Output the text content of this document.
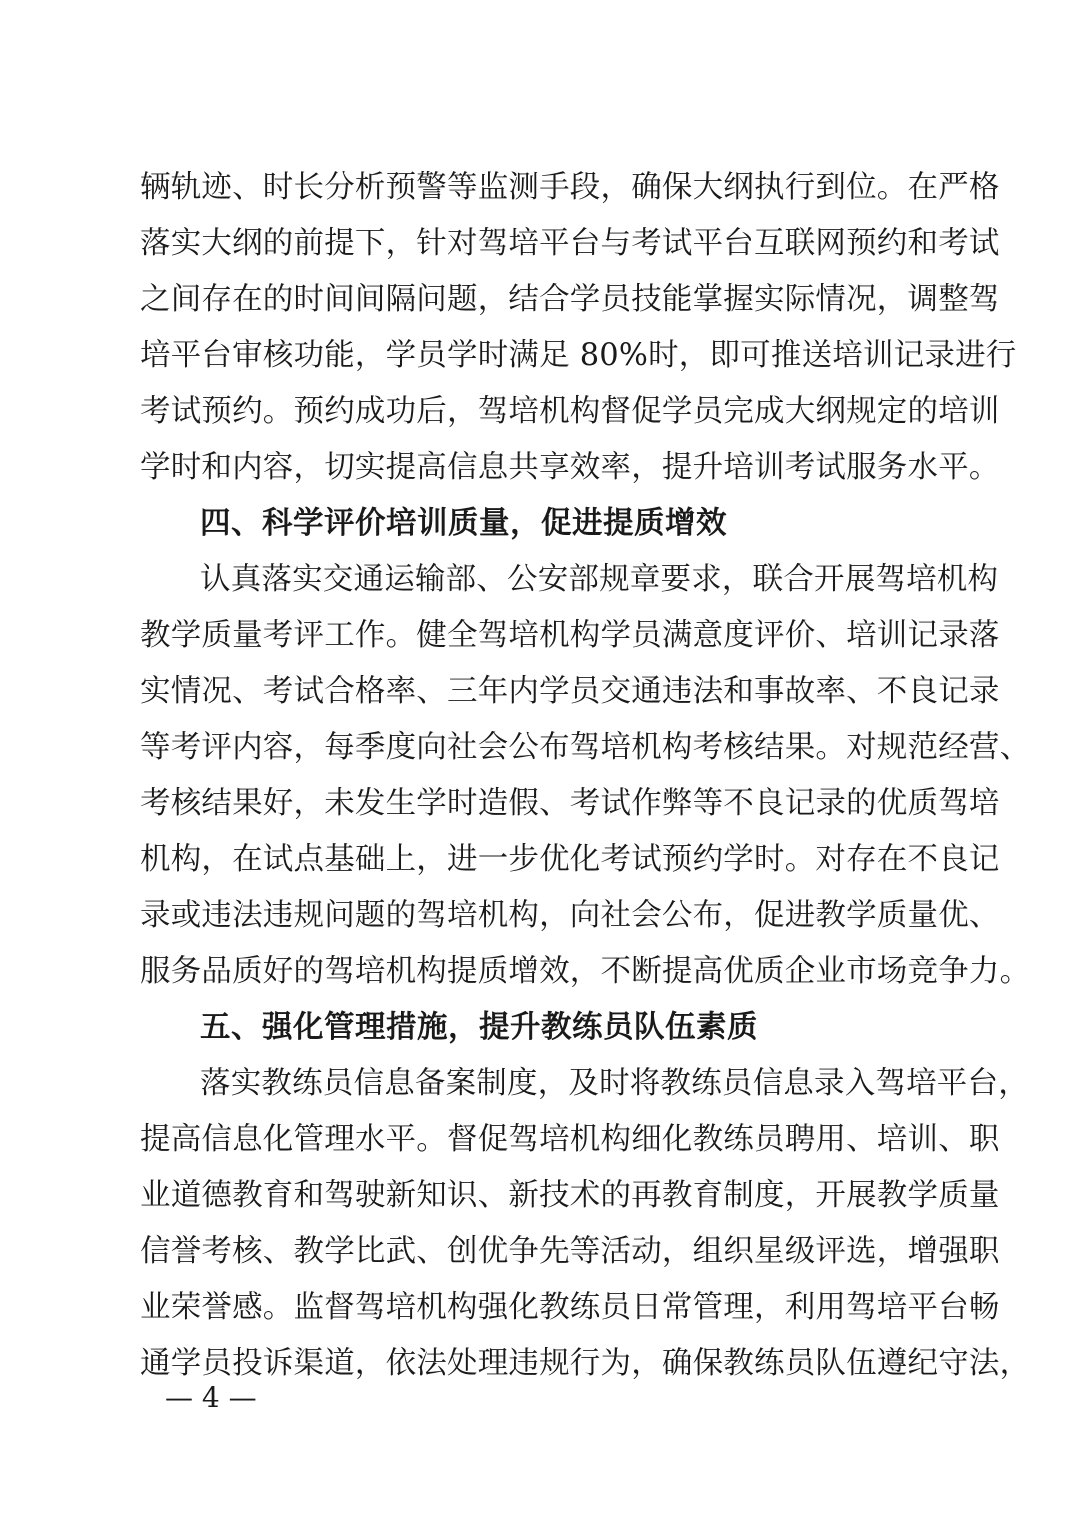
辆轨迹、时长分析预警等监测手段，确保大纲执行到位。在严格
落实大纲的前提下，针对驾培平台与考试平台互联网预约和考试
之间存在的时间间隔问题，结合学员技能掌握实际情况，调整驾
培平台审核功能，学员学时满足 80%时，即可推送培训记录进行
考试预约。预约成功后，驾培机构督促学员完成大纲规定的培训
学时和内容，切实提高信息共享效率，提升培训考试服务水平。
四、科学评价培训质量，促进提质增效
认真落实交通运输部、公安部规章要求，联合开展驾培机构
教学质量考评工作。健全驾培机构学员满意度评价、培训记录落
实情况、考试合格率、三年内学员交通违法和事故率、不良记录
等考评内容，每季度向社会公布驾培机构考核结果。对规范经营、
考核结果好，未发生学时造假、考试作弊等不良记录的优质驾培
机构，在试点基础上，进一步优化考试预约学时。对存在不良记
录或违法违规问题的驾培机构，向社会公布，促进教学质量优、
服务品质好的驾培机构提质增效，不断提高优质企业市场竞争力。
五、强化管理措施，提升教练员队伍素质
落实教练员信息备案制度，及时将教练员信息录入驾培平台，
提高信息化管理水平。督促驾培机构细化教练员聘用、培训、职
业道德教育和驾驶新知识、新技术的再教育制度，开展教学质量
信誉考核、教学比武、创优争先等活动，组织星级评选，增强职
业荣誉感。监督驾培机构强化教练员日常管理，利用驾培平台畅
通学员投诉渠道，依法处理违规行为，确保教练员队伍遵纪守法，
— 4 —
